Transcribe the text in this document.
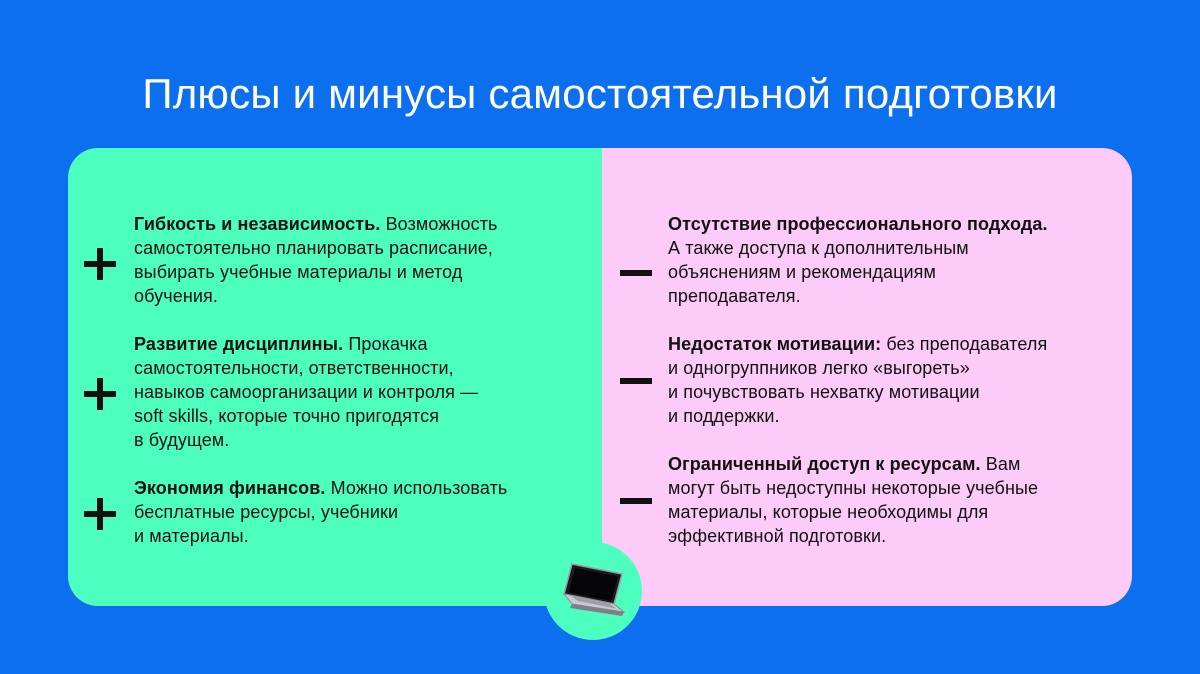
Плюсы и минусы самостоятельной подготовки
Гибкость и независимость. Возможность
самостоятельно планировать расписание,
выбирать учебные материалы и метод
обучения.
Развитие дисциплины. Прокачка
самостоятельности, ответственности,
навыков самоорганизации и контроля —
soft skills, которые точно пригодятся
в будущем.
Экономия финансов. Можно использовать
бесплатные ресурсы, учебники
и материалы.
Отсутствие профессионального подхода.
А также доступа к дополнительным
объяснениям и рекомендациям
преподавателя.
Недостаток мотивации: без преподавателя
и одногруппников легко «выгореть»
и почувствовать нехватку мотивации
и поддержки.
Ограниченный доступ к ресурсам. Вам
могут быть недоступны некоторые учебные
материалы, которые необходимы для
эффективной подготовки.
